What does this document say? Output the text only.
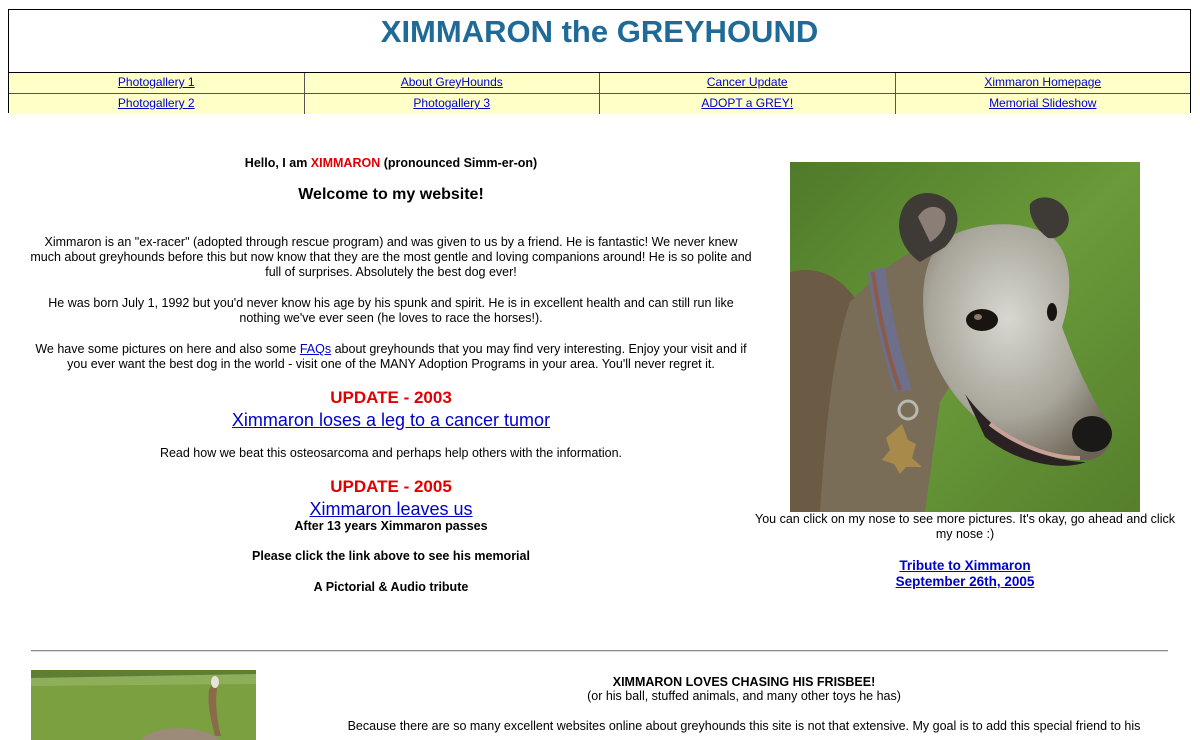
XIMMARON the GREYHOUND
Photogallery 1	About GreyHounds	Cancer Update	Ximmaron Homepage
Photogallery 2	Photogallery 3	ADOPT a GREY!	Memorial Slideshow

Hello, I am XIMMARON (pronounced Simm-er-on)

Welcome to my website!

Ximmaron is an "ex-racer" (adopted through rescue program) and was given to us by a friend. He is fantastic! We never knew much about greyhounds before this but now know that they are the most gentle and loving companions around! He is so polite and full of surprises. Absolutely the best dog ever!

He was born July 1, 1992 but you'd never know his age by his spunk and spirit. He is in excellent health and can still run like nothing we've ever seen (he loves to race the horses!).

We have some pictures on here and also some FAQs about greyhounds that you may find very interesting. Enjoy your visit and if you ever want the best dog in the world - visit one of the MANY Adoption Programs in your area. You'll never regret it.

UPDATE - 2003

Ximmaron loses a leg to a cancer tumor

Read how we beat this osteosarcoma and perhaps help others with the information.

UPDATE - 2005

Ximmaron leaves us

After 13 years Ximmaron passes

Please click the link above to see his memorial

A Pictorial & Audio tribute

You can click on my nose to see more pictures. It's okay, go ahead and click my nose :)
Tribute to Ximmaron
September 26th, 2005

XIMMARON LOVES CHASING HIS FRISBEE!

(or his ball, stuffed animals, and many other toys he has)

Because there are so many excellent websites online about greyhounds this site is not that extensive. My goal is to add this special friend to his
